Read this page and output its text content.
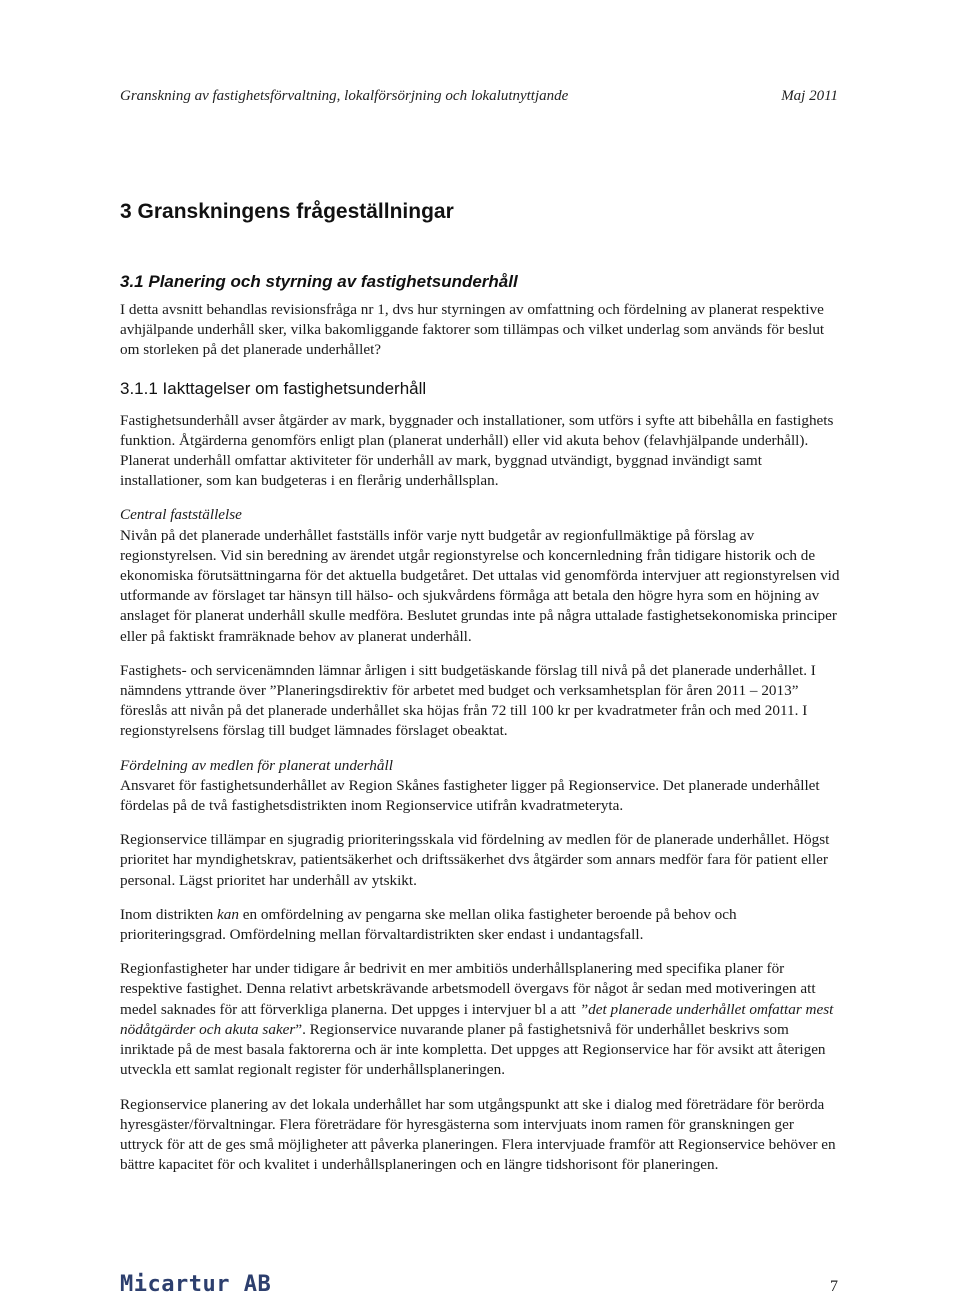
Granskning av fastighetsförvaltning, lokalförsörjning och lokalutnyttjande	Maj 2011
3 Granskningens frågeställningar
3.1 Planering och styrning av fastighetsunderhåll

I detta avsnitt behandlas revisionsfråga nr 1, dvs hur styrningen av omfattning och fördelning av planerat respektive avhjälpande underhåll sker, vilka bakomliggande faktorer som tillämpas och vilket underlag som används för beslut om storleken på det planerade underhållet?

3.1.1 Iakttagelser om fastighetsunderhåll

Fastighetsunderhåll avser åtgärder av mark, byggnader och installationer, som utförs i syfte att bibehålla en fastighets funktion. Åtgärderna genomförs enligt plan (planerat underhåll) eller vid akuta behov (felavhjälpande underhåll). Planerat underhåll omfattar aktiviteter för underhåll av mark, byggnad utvändigt, byggnad invändigt samt installationer, som kan budgeteras i en flerårig underhållsplan.

Central fastställelse

Nivån på det planerade underhållet fastställs inför varje nytt budgetår av regionfullmäktige på förslag av regionstyrelsen. Vid sin beredning av ärendet utgår regionstyrelse och koncernledning från tidigare historik och de ekonomiska förutsättningarna för det aktuella budgetåret. Det uttalas vid genomförda intervjuer att regionstyrelsen vid utformande av förslaget tar hänsyn till hälso- och sjukvårdens förmåga att betala den högre hyra som en höjning av anslaget för planerat underhåll skulle medföra. Beslutet grundas inte på några uttalade fastighetsekonomiska principer eller på faktiskt framräknade behov av planerat underhåll.

Fastighets- och servicenämnden lämnar årligen i sitt budgetäskande förslag till nivå på det planerade underhållet. I nämndens yttrande över ”Planeringsdirektiv för arbetet med budget och verksamhetsplan för åren 2011 – 2013” föreslås att nivån på det planerade underhållet ska höjas från 72 till 100 kr per kvadratmeter från och med 2011. I regionstyrelsens förslag till budget lämnades förslaget obeaktat.

Fördelning av medlen för planerat underhåll

Ansvaret för fastighetsunderhållet av Region Skånes fastigheter ligger på Regionservice. Det planerade underhållet fördelas på de två fastighetsdistrikten inom Regionservice utifrån kvadratmeteryta.

Regionservice tillämpar en sjugradig prioriteringsskala vid fördelning av medlen för de planerade underhållet. Högst prioritet har myndighetskrav, patientsäkerhet och driftssäkerhet dvs åtgärder som annars medför fara för patient eller personal. Lägst prioritet har underhåll av ytskikt.

Inom distrikten kan en omfördelning av pengarna ske mellan olika fastigheter beroende på behov och prioriteringsgrad. Omfördelning mellan förvaltardistrikten sker endast i undantagsfall.

Regionfastigheter har under tidigare år bedrivit en mer ambitiös underhållsplanering med specifika planer för respektive fastighet. Denna relativt arbetskrävande arbetsmodell övergavs för något år sedan med motiveringen att medel saknades för att förverkliga planerna. Det uppges i intervjuer bl a att ”det planerade underhållet omfattar mest nödåtgärder och akuta saker”. Regionservice nuvarande planer på fastighetsnivå för underhållet beskrivs som inriktade på de mest basala faktorerna och är inte kompletta. Det uppges att Regionservice har för avsikt att återigen utveckla ett samlat regionalt register för underhållsplaneringen.

Regionservice planering av det lokala underhållet har som utgångspunkt att ske i dialog med företrädare för berörda hyresgäster/förvaltningar. Flera företrädare för hyresgästerna som intervjuats inom ramen för granskningen ger uttryck för att de ges små möjligheter att påverka planeringen. Flera intervjuade framför att Regionservice behöver en bättre kapacitet för och kvalitet i underhållsplaneringen och en längre tidshorisont för planeringen.

Micartur AB	7
